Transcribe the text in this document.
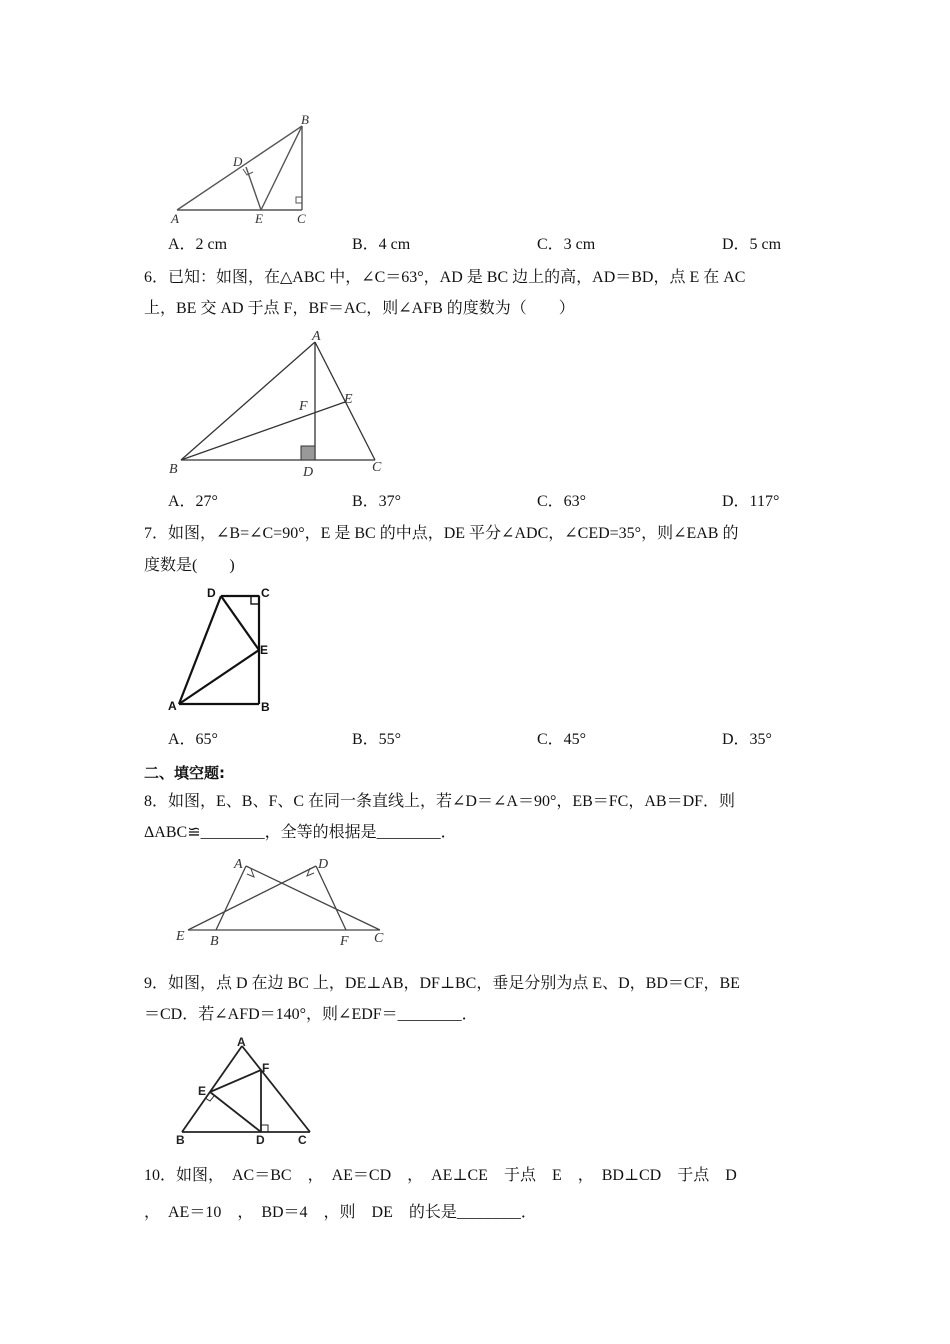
A	E	C
B
D
A．2 cm	B．4 cm	C．3 cm	D．5 cm
6．已知：如图，在△ABC 中，∠C＝63°，AD 是 BC 边上的高，AD＝BD，点 E 在 AC
上，BE 交 AD 于点 F，BF＝AC，则∠AFB 的度数为（　　）
A
B	C
D
E
F
A．27°	B．37°	C．63°	D．117°
7．如图，∠B=∠C=90°，E 是 BC 的中点，DE 平分∠ADC，∠CED=35°，则∠EAB 的
度数是(　　)
D	C
E
A	B
A．65°	B．55°	C．45°	D．35°
二、填空题:
8．如图，E、B、F、C 在同一条直线上，若∠D＝∠A＝90°，EB＝FC，AB＝DF．则
ΔABC≌________，全等的根据是________．
A	D
E B	F C
9．如图，点 D 在边 BC 上，DE⊥AB，DF⊥BC，垂足分别为点 E、D，BD＝CF，BE
＝CD．若∠AFD＝140°，则∠EDF＝________．
A
E
F
B	D	C
10．如图，　AC＝BC　，　AE＝CD　，　AE⊥CE　于点　E　，　BD⊥CD　于点　D
，　AE＝10　，　BD＝4　，则　DE　的长是________．
